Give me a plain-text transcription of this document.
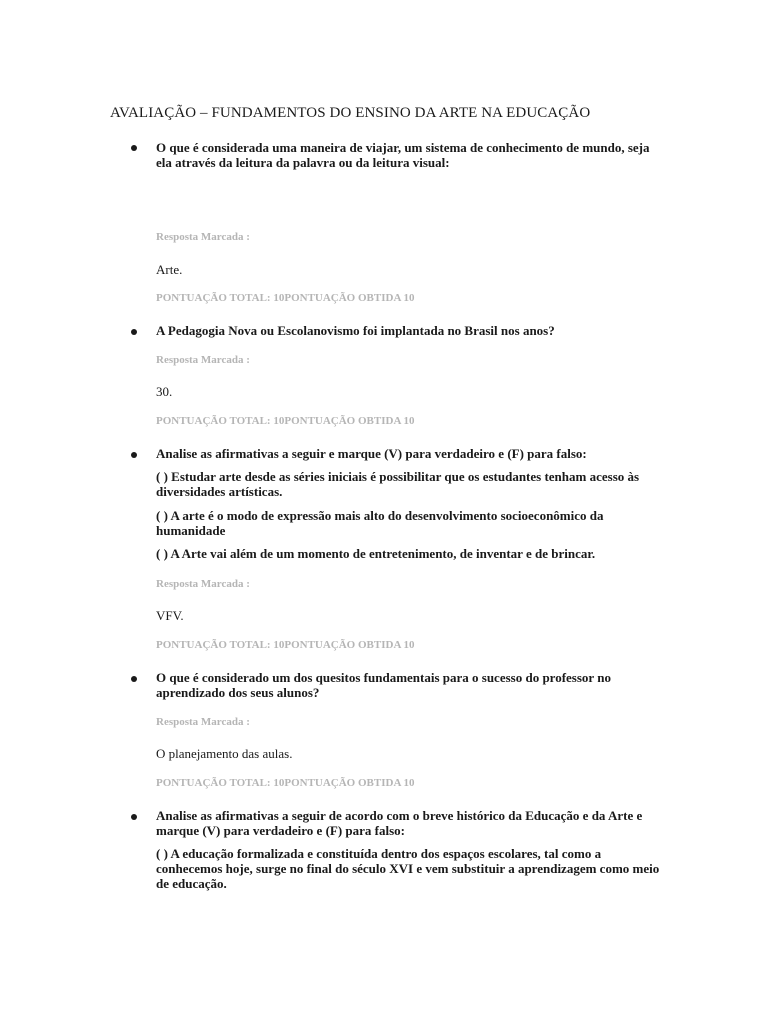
AVALIAÇÃO – FUNDAMENTOS DO ENSINO DA ARTE NA EDUCAÇÃO

O que é considerada uma maneira de viajar, um sistema de conhecimento de mundo, seja ela através da leitura da palavra ou da leitura visual:

Resposta Marcada :

Arte.

PONTUAÇÃO TOTAL: 10PONTUAÇÃO OBTIDA 10

A Pedagogia Nova ou Escolanovismo foi implantada no Brasil nos anos?

Resposta Marcada :

30.

PONTUAÇÃO TOTAL: 10PONTUAÇÃO OBTIDA 10

Analise as afirmativas a seguir e marque (V) para verdadeiro e (F) para falso:

( ) Estudar arte desde as séries iniciais é possibilitar que os estudantes tenham acesso às diversidades artísticas.

( ) A arte é o modo de expressão mais alto do desenvolvimento socioeconômico da humanidade

( ) A Arte vai além de um momento de entretenimento, de inventar e de brincar.

Resposta Marcada :

VFV.

PONTUAÇÃO TOTAL: 10PONTUAÇÃO OBTIDA 10

O que é considerado um dos quesitos fundamentais para o sucesso do professor no aprendizado dos seus alunos?

Resposta Marcada :

O planejamento das aulas.

PONTUAÇÃO TOTAL: 10PONTUAÇÃO OBTIDA 10

Analise as afirmativas a seguir de acordo com o breve histórico da Educação e da Arte e marque (V) para verdadeiro e (F) para falso:

( ) A educação formalizada e constituída dentro dos espaços escolares, tal como a conhecemos hoje, surge no final do século XVI e vem substituir a aprendizagem como meio de educação.
